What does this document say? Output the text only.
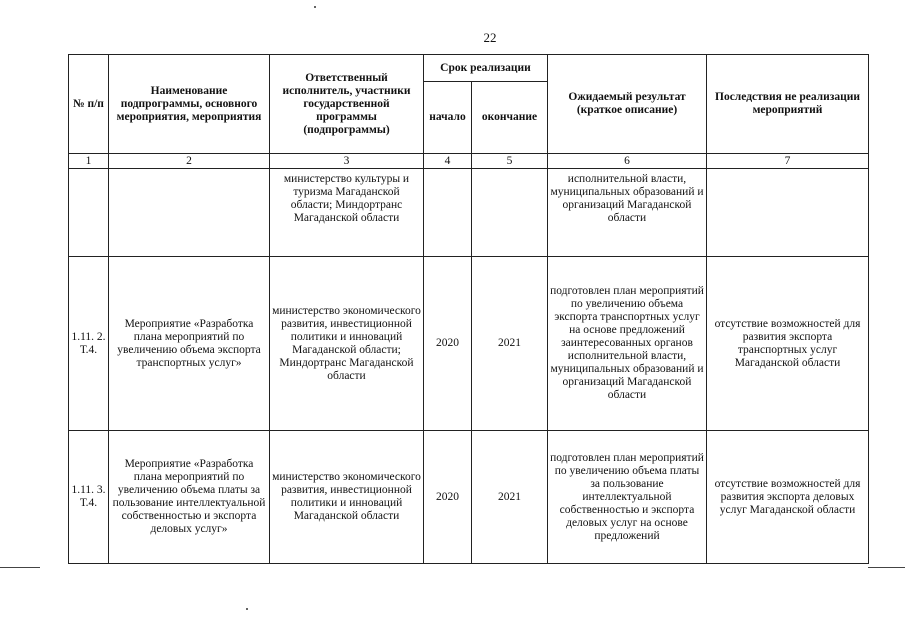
22
№ п/п	Наименование подпрограммы, основного мероприятия, мероприятия	Ответственный исполнитель, участники государственной программы (подпрограммы)	Срок реализации		Ожидаемый результат (краткое описание)	Последствия не реализации мероприятий
			начало	окончание		
1	2	3	4	5	6	7
		министерство культуры и туризма Магаданской области; Миндортранс Магаданской области			исполнительной власти, муниципальных образований и организаций Магаданской области	
1.11. 2. Т.4.	Мероприятие «Разработка плана мероприятий по увеличению объема экспорта транспортных услуг»	министерство экономического развития, инвестиционной политики и инноваций Магаданской области; Миндортранс Магаданской области	2020	2021	подготовлен план мероприятий по увеличению объема экспорта транспортных услуг на основе предложений заинтересованных органов исполнительной власти, муниципальных образований и организаций Магаданской области	отсутствие возможностей для развития экспорта транспортных услуг Магаданской области
1.11. 3. Т.4.	Мероприятие «Разработка плана мероприятий по увеличению объема платы за пользование интеллектуальной собственностью и экспорта деловых услуг»	министерство экономического развития, инвестиционной политики и инноваций Магаданской области	2020	2021	подготовлен план мероприятий по увеличению объема платы за пользование интеллектуальной собственностью и экспорта деловых услуг на основе предложений	отсутствие возможностей для развития экспорта деловых услуг Магаданской области
